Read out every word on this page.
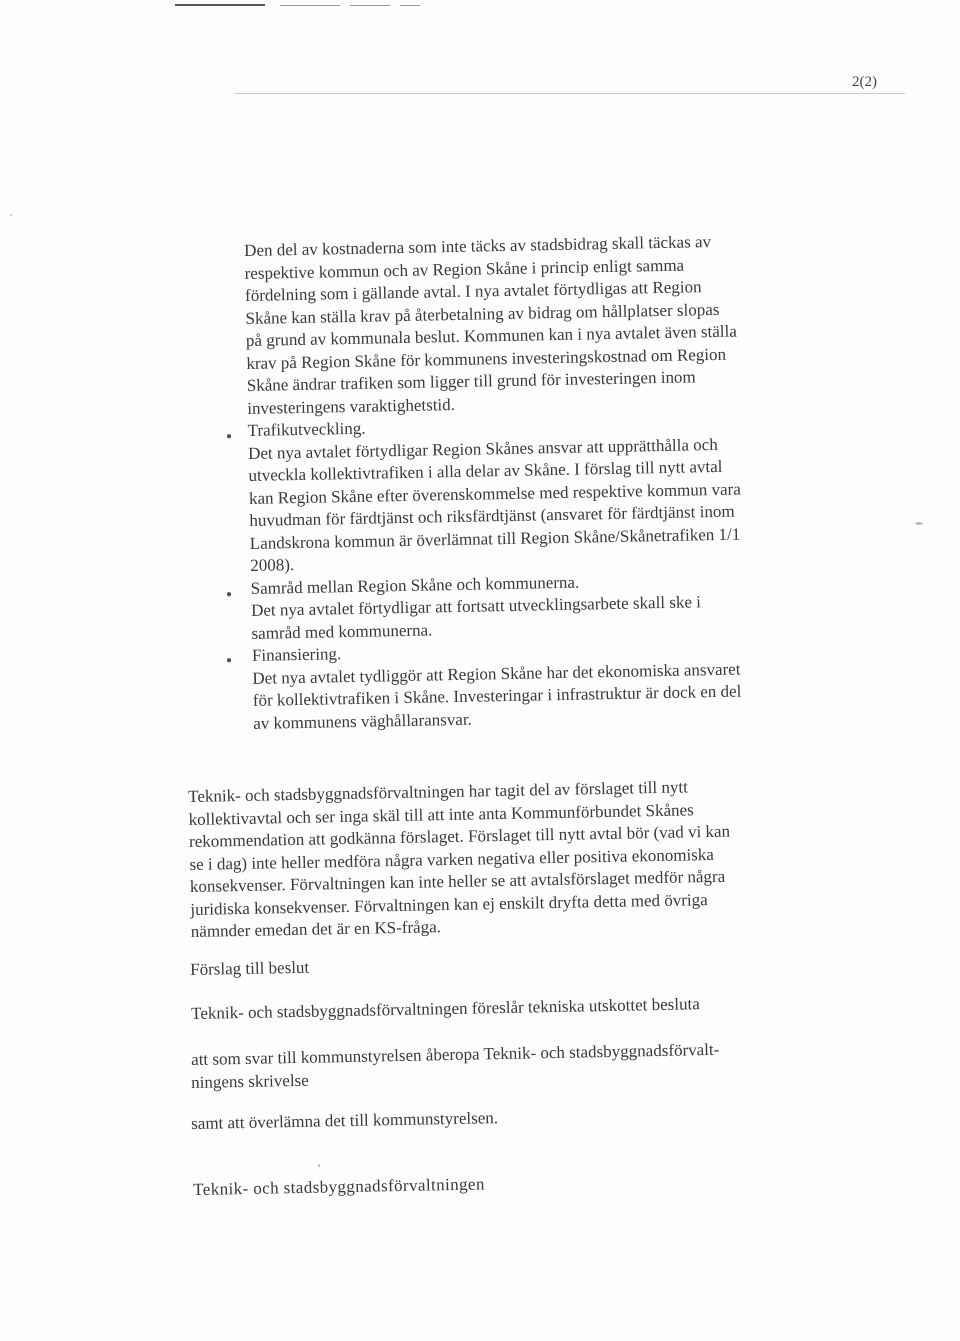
2(2)

Den del av kostnaderna som inte täcks av stadsbidrag skall täckas av

respektive kommun och av Region Skåne i princip enligt samma

fördelning som i gällande avtal. I nya avtalet förtydligas att Region

Skåne kan ställa krav på återbetalning av bidrag om hållplatser slopas

på grund av kommunala beslut. Kommunen kan i nya avtalet även ställa

krav på Region Skåne för kommunens investeringskostnad om Region

Skåne ändrar trafiken som ligger till grund för investeringen inom

investeringens varaktighetstid.

Trafikutveckling.

Det nya avtalet förtydligar Region Skånes ansvar att upprätthålla och

utveckla kollektivtrafiken i alla delar av Skåne. I förslag till nytt avtal

kan Region Skåne efter överenskommelse med respektive kommun vara

huvudman för färdtjänst och riksfärdtjänst (ansvaret för färdtjänst inom

Landskrona kommun är överlämnat till Region Skåne/Skånetrafiken 1/1

2008).

Samråd mellan Region Skåne och kommunerna.

Det nya avtalet förtydligar att fortsatt utvecklingsarbete skall ske i

samråd med kommunerna.

Finansiering.

Det nya avtalet tydliggör att Region Skåne har det ekonomiska ansvaret

för kollektivtrafiken i Skåne. Investeringar i infrastruktur är dock en del

av kommunens väghållaransvar.

●
●
●

Teknik- och stadsbyggnadsförvaltningen har tagit del av förslaget till nytt

kollektivavtal och ser inga skäl till att inte anta Kommunförbundet Skånes

rekommendation att godkänna förslaget. Förslaget till nytt avtal bör (vad vi kan

se i dag) inte heller medföra några varken negativa eller positiva ekonomiska

konsekvenser. Förvaltningen kan inte heller se att avtalsförslaget medför några

juridiska konsekvenser. Förvaltningen kan ej enskilt dryfta detta med övriga

nämnder emedan det är en KS-fråga.

Förslag till beslut
Teknik- och stadsbyggnadsförvaltningen föreslår tekniska utskottet besluta
att som svar till kommunstyrelsen åberopa Teknik- och stadsbyggnadsförvalt-
ningens skrivelse
samt att överlämna det till kommunstyrelsen.
Teknik- och stadsbyggnadsförvaltningen
